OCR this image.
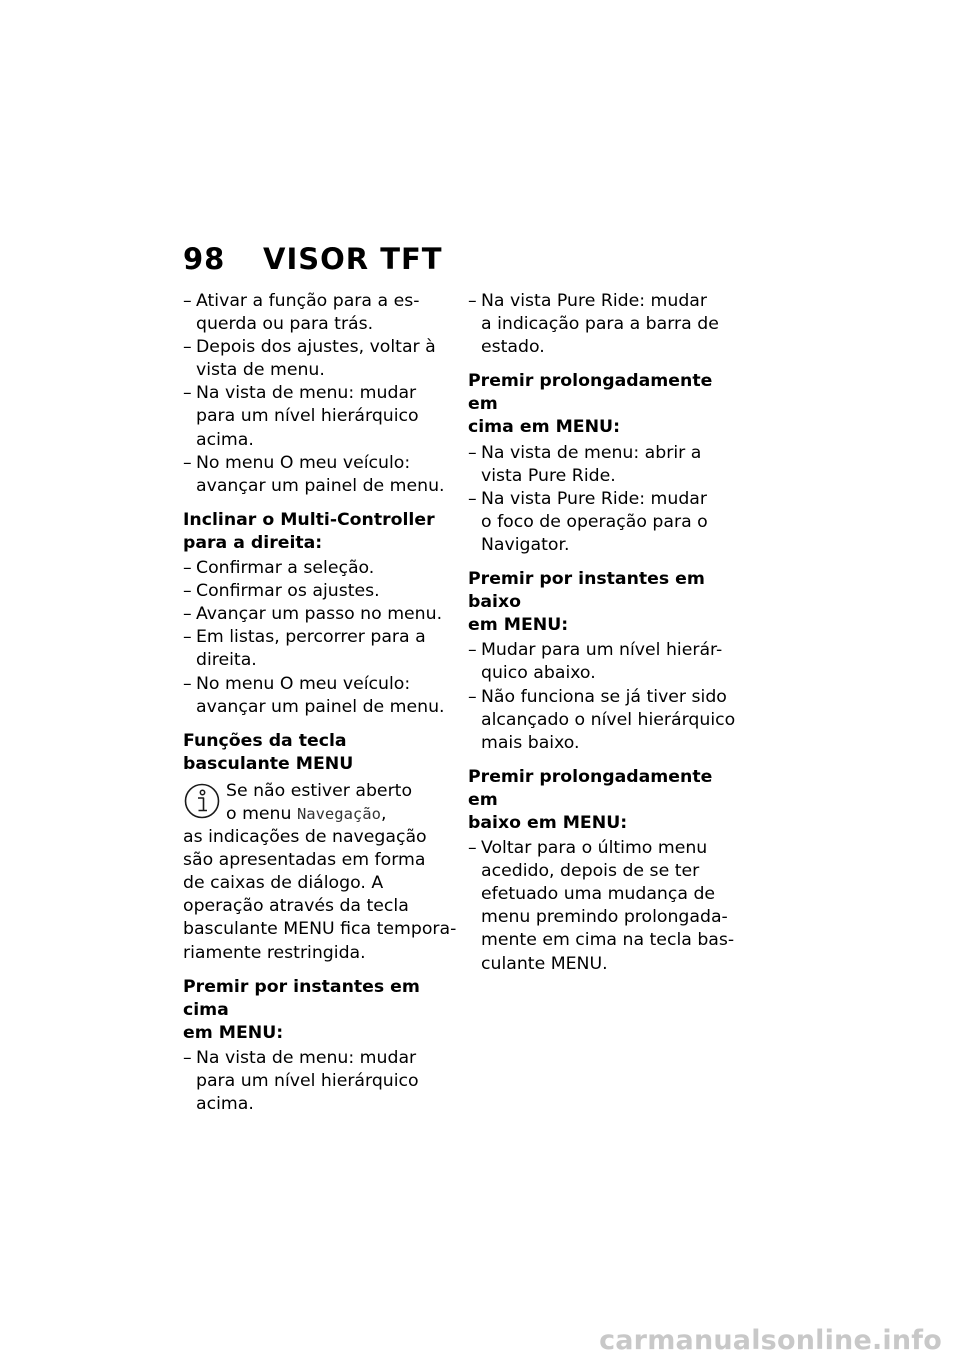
98 VISOR TFT
– Ativar a função para a es-
querda ou para trás.
– Depois dos ajustes, voltar à
vista de menu.
– Na vista de menu: mudar
para um nível hierárquico
acima.
– No menu O meu veículo:
avançar um painel de menu.
Inclinar o Multi-Controller
para a direita:
– Confirmar a seleção.
– Confirmar os ajustes.
– Avançar um passo no menu.
– Em listas, percorrer para a
direita.
– No menu O meu veículo:
avançar um painel de menu.
Funções da tecla
basculante MENU
Se não estiver aberto
o menu Navegação,
as indicações de navegação
são apresentadas em forma
de caixas de diálogo. A
operação através da tecla
basculante MENU fica tempora-
riamente restringida.
Premir por instantes em cima
em MENU:
– Na vista de menu: mudar
para um nível hierárquico
acima.
– Na vista Pure Ride: mudar
a indicação para a barra de
estado.
Premir prolongadamente em
cima em MENU:
– Na vista de menu: abrir a
vista Pure Ride.
– Na vista Pure Ride: mudar
o foco de operação para o
Navigator.
Premir por instantes em baixo
em MENU:
– Mudar para um nível hierár-
quico abaixo.
– Não funciona se já tiver sido
alcançado o nível hierárquico
mais baixo.
Premir prolongadamente em
baixo em MENU:
– Voltar para o último menu
acedido, depois de se ter
efetuado uma mudança de
menu premindo prolongada-
mente em cima na tecla bas-
culante MENU.
carmanualsonline.info
